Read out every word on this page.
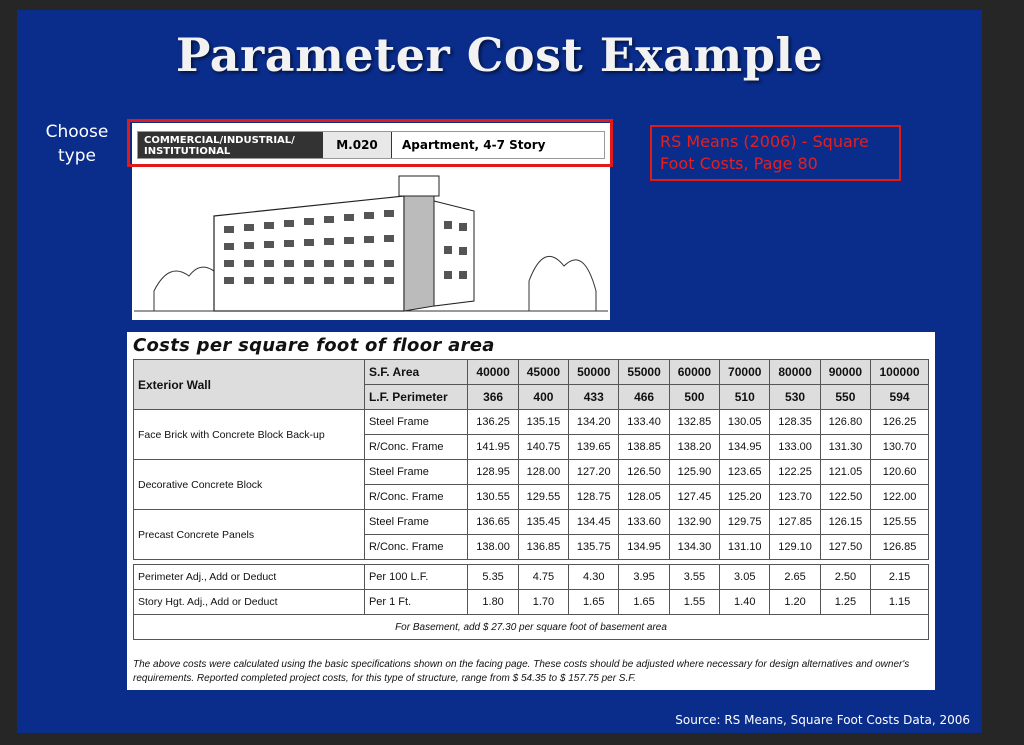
Parameter Cost Example
Choose type
RS Means (2006) - Square Foot Costs, Page 80
COMMERCIAL/INDUSTRIAL/ INSTITUTIONAL	M.020	Apartment, 4-7 Story
Costs per square foot of floor area
Exterior Wall	S.F. Area	40000	45000	50000	55000	60000	70000	80000	90000	100000
	L.F. Perimeter	366	400	433	466	500	510	530	550	594
Face Brick with Concrete Block Back-up	Steel Frame	136.25	135.15	134.20	133.40	132.85	130.05	128.35	126.80	126.25
	R/Conc. Frame	141.95	140.75	139.65	138.85	138.20	134.95	133.00	131.30	130.70
Decorative Concrete Block	Steel Frame	128.95	128.00	127.20	126.50	125.90	123.65	122.25	121.05	120.60
	R/Conc. Frame	130.55	129.55	128.75	128.05	127.45	125.20	123.70	122.50	122.00
Precast Concrete Panels	Steel Frame	136.65	135.45	134.45	133.60	132.90	129.75	127.85	126.15	125.55
	R/Conc. Frame	138.00	136.85	135.75	134.95	134.30	131.10	129.10	127.50	126.85

Perimeter Adj., Add or Deduct	Per 100 L.F.	5.35	4.75	4.30	3.95	3.55	3.05	2.65	2.50	2.15
Story Hgt. Adj., Add or Deduct	Per 1 Ft.	1.80	1.70	1.65	1.65	1.55	1.40	1.20	1.25	1.15
For Basement, add $ 27.30 per square foot of basement area										
The above costs were calculated using the basic specifications shown on the facing page. These costs should be adjusted where necessary for design alternatives and owner's requirements. Reported completed project costs, for this type of structure, range from $ 54.35 to $ 157.75 per S.F.
Source: RS Means, Square Foot Costs Data, 2006
